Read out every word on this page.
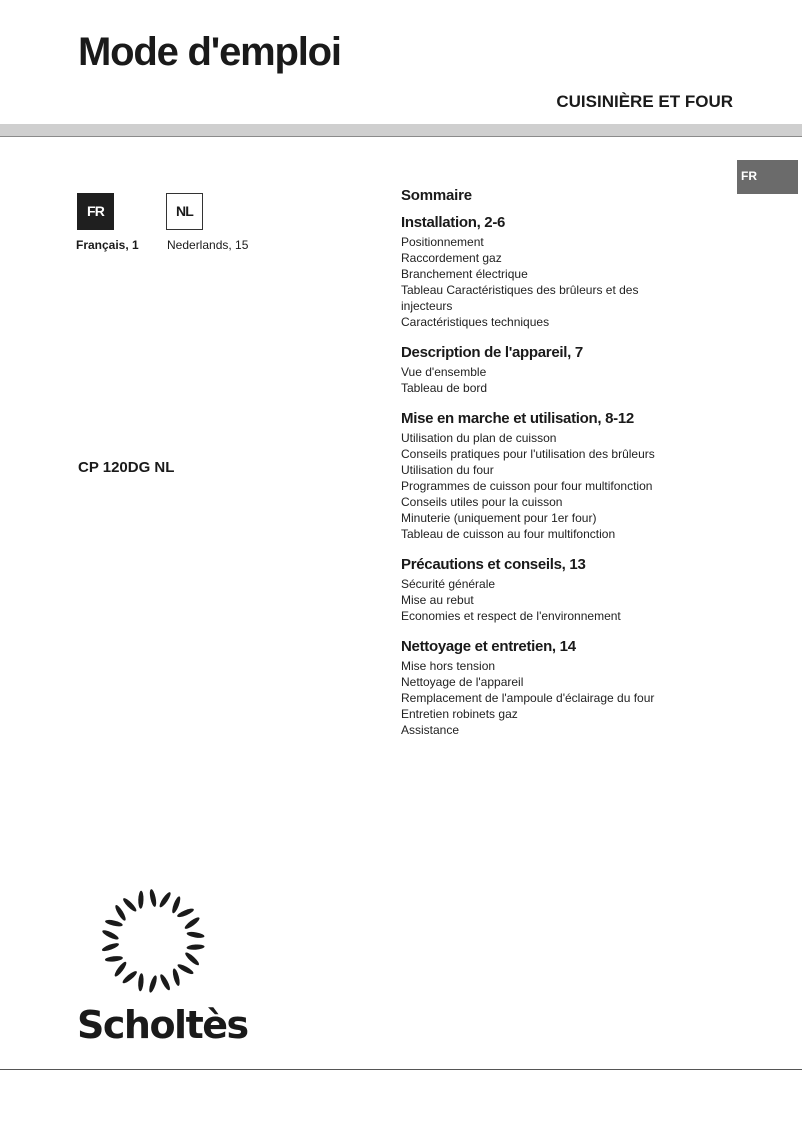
Mode d'emploi
CUISINIÈRE ET FOUR
FR
FR	NL
Français, 1 Nederlands, 15
CP 120DG NL
Sommaire
Installation, 2-6
Positionnement
Raccordement gaz
Branchement électrique
Tableau Caractéristiques des brûleurs et des
injecteurs
Caractéristiques techniques
Description de l'appareil, 7
Vue d'ensemble
Tableau de bord
Mise en marche et utilisation, 8-12
Utilisation du plan de cuisson
Conseils pratiques pour l'utilisation des brûleurs
Utilisation du four
Programmes de cuisson pour four multifonction
Conseils utiles pour la cuisson
Minuterie (uniquement pour 1er four)
Tableau de cuisson au four multifonction
Précautions et conseils, 13
Sécurité générale
Mise au rebut
Economies et respect de l'environnement
Nettoyage et entretien, 14
Mise hors tension
Nettoyage de l'appareil
Remplacement de l'ampoule d'éclairage du four
Entretien robinets gaz
Assistance
Scholtès
